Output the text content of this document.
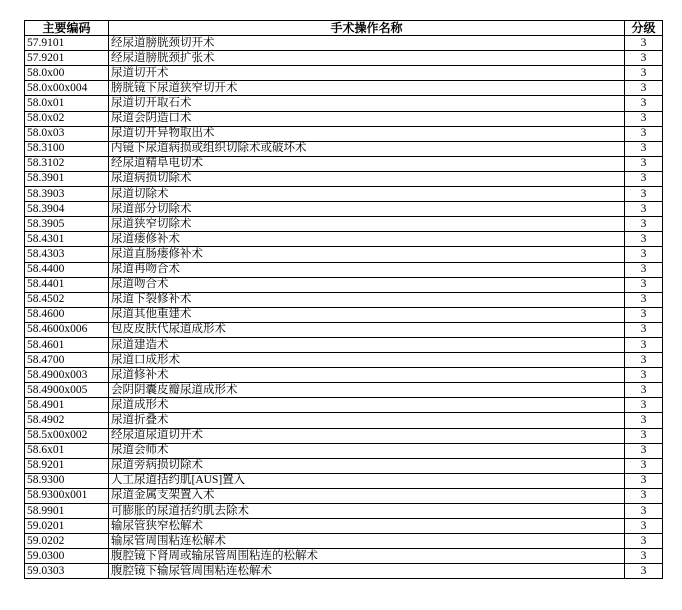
主要编码	手术操作名称	分级
57.9101	经尿道膀胱颈切开术	3
57.9201	经尿道膀胱颈扩张术	3
58.0x00	尿道切开术	3
58.0x00x004	膀胱镜下尿道狭窄切开术	3
58.0x01	尿道切开取石术	3
58.0x02	尿道会阴造口术	3
58.0x03	尿道切开异物取出术	3
58.3100	内镜下尿道病损或组织切除术或破坏术	3
58.3102	经尿道精阜电切术	3
58.3901	尿道病损切除术	3
58.3903	尿道切除术	3
58.3904	尿道部分切除术	3
58.3905	尿道狭窄切除术	3
58.4301	尿道瘘修补术	3
58.4303	尿道直肠瘘修补术	3
58.4400	尿道再吻合术	3
58.4401	尿道吻合术	3
58.4502	尿道下裂修补术	3
58.4600	尿道其他重建术	3
58.4600x006	包皮皮肤代尿道成形术	3
58.4601	尿道建造术	3
58.4700	尿道口成形术	3
58.4900x003	尿道修补术	3
58.4900x005	会阴阴囊皮瓣尿道成形术	3
58.4901	尿道成形术	3
58.4902	尿道折叠术	3
58.5x00x002	经尿道尿道切开术	3
58.6x01	尿道会师术	3
58.9201	尿道旁病损切除术	3
58.9300	人工尿道括约肌[AUS]置入	3
58.9300x001	尿道金属支架置入术	3
58.9901	可膨胀的尿道括约肌去除术	3
59.0201	输尿管狭窄松解术	3
59.0202	输尿管周围粘连松解术	3
59.0300	腹腔镜下肾周或输尿管周围粘连的松解术	3
59.0303	腹腔镜下输尿管周围粘连松解术	3
